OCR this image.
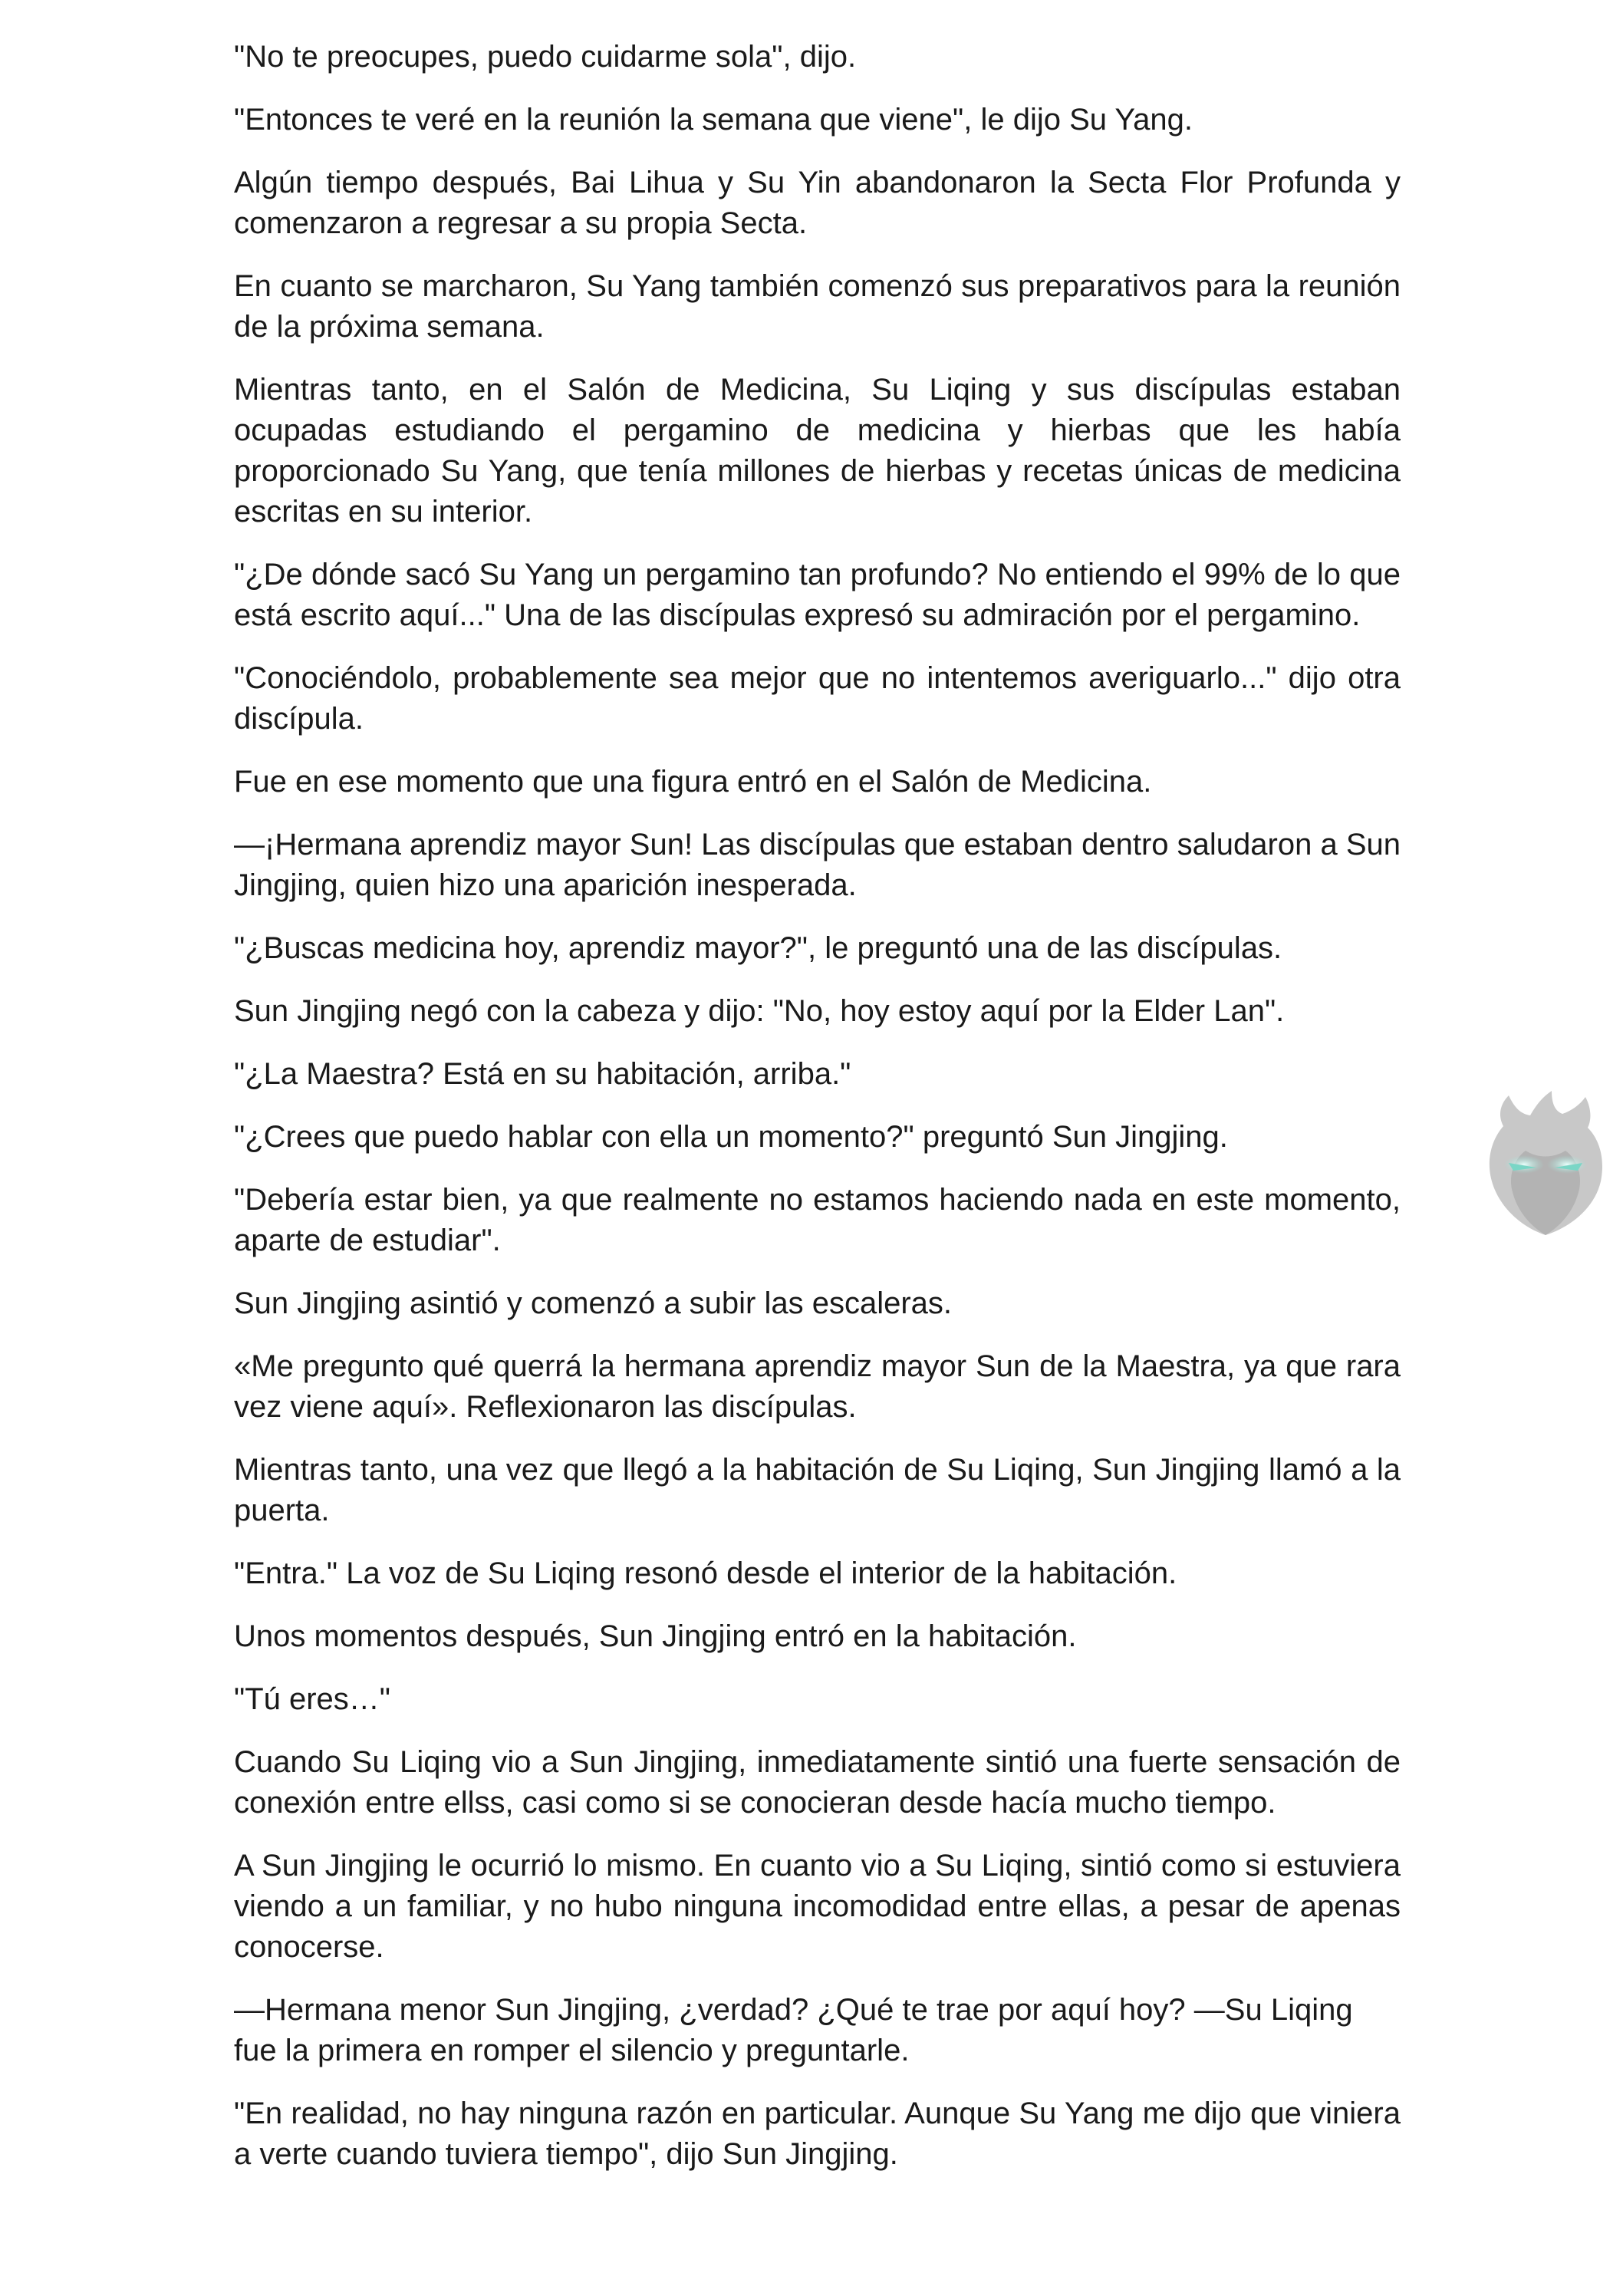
"No te preocupes, puedo cuidarme sola", dijo.

"Entonces te veré en la reunión la semana que viene", le dijo Su Yang.

Algún tiempo después, Bai Lihua y Su Yin abandonaron la Secta Flor Profunda y comenzaron a regresar a su propia Secta.

En cuanto se marcharon, Su Yang también comenzó sus preparativos para la reunión de la próxima semana.

Mientras tanto, en el Salón de Medicina, Su Liqing y sus discípulas estaban ocupadas estudiando el pergamino de medicina y hierbas que les había proporcionado Su Yang, que tenía millones de hierbas y recetas únicas de medicina escritas en su interior.

"¿De dónde sacó Su Yang un pergamino tan profundo? No entiendo el 99% de lo que está escrito aquí..." Una de las discípulas expresó su admiración por el pergamino.

"Conociéndolo, probablemente sea mejor que no intentemos averiguarlo..." dijo otra discípula.

Fue en ese momento que una figura entró en el Salón de Medicina.

—¡Hermana aprendiz mayor Sun! Las discípulas que estaban dentro saludaron a Sun Jingjing, quien hizo una aparición inesperada.

"¿Buscas medicina hoy, aprendiz mayor?", le preguntó una de las discípulas.

Sun Jingjing negó con la cabeza y dijo: "No, hoy estoy aquí por la Elder Lan".

"¿La Maestra? Está en su habitación, arriba."

"¿Crees que puedo hablar con ella un momento?" preguntó Sun Jingjing.

"Debería estar bien, ya que realmente no estamos haciendo nada en este momento, aparte de estudiar".

Sun Jingjing asintió y comenzó a subir las escaleras.

«Me pregunto qué querrá la hermana aprendiz mayor Sun de la Maestra, ya que rara vez viene aquí». Reflexionaron las discípulas.

Mientras tanto, una vez que llegó a la habitación de Su Liqing, Sun Jingjing llamó a la puerta.

"Entra." La voz de Su Liqing resonó desde el interior de la habitación.

Unos momentos después, Sun Jingjing entró en la habitación.

"Tú eres…"

Cuando Su Liqing vio a Sun Jingjing, inmediatamente sintió una fuerte sensación de conexión entre ellss, casi como si se conocieran desde hacía mucho tiempo.

A Sun Jingjing le ocurrió lo mismo. En cuanto vio a Su Liqing, sintió como si estuviera viendo a un familiar, y no hubo ninguna incomodidad entre ellas, a pesar de apenas conocerse.

—Hermana menor Sun Jingjing, ¿verdad? ¿Qué te trae por aquí hoy? —Su Liqing fue la primera en romper el silencio y preguntarle.

"En realidad, no hay ninguna razón en particular. Aunque Su Yang me dijo que viniera a verte cuando tuviera tiempo", dijo Sun Jingjing.
